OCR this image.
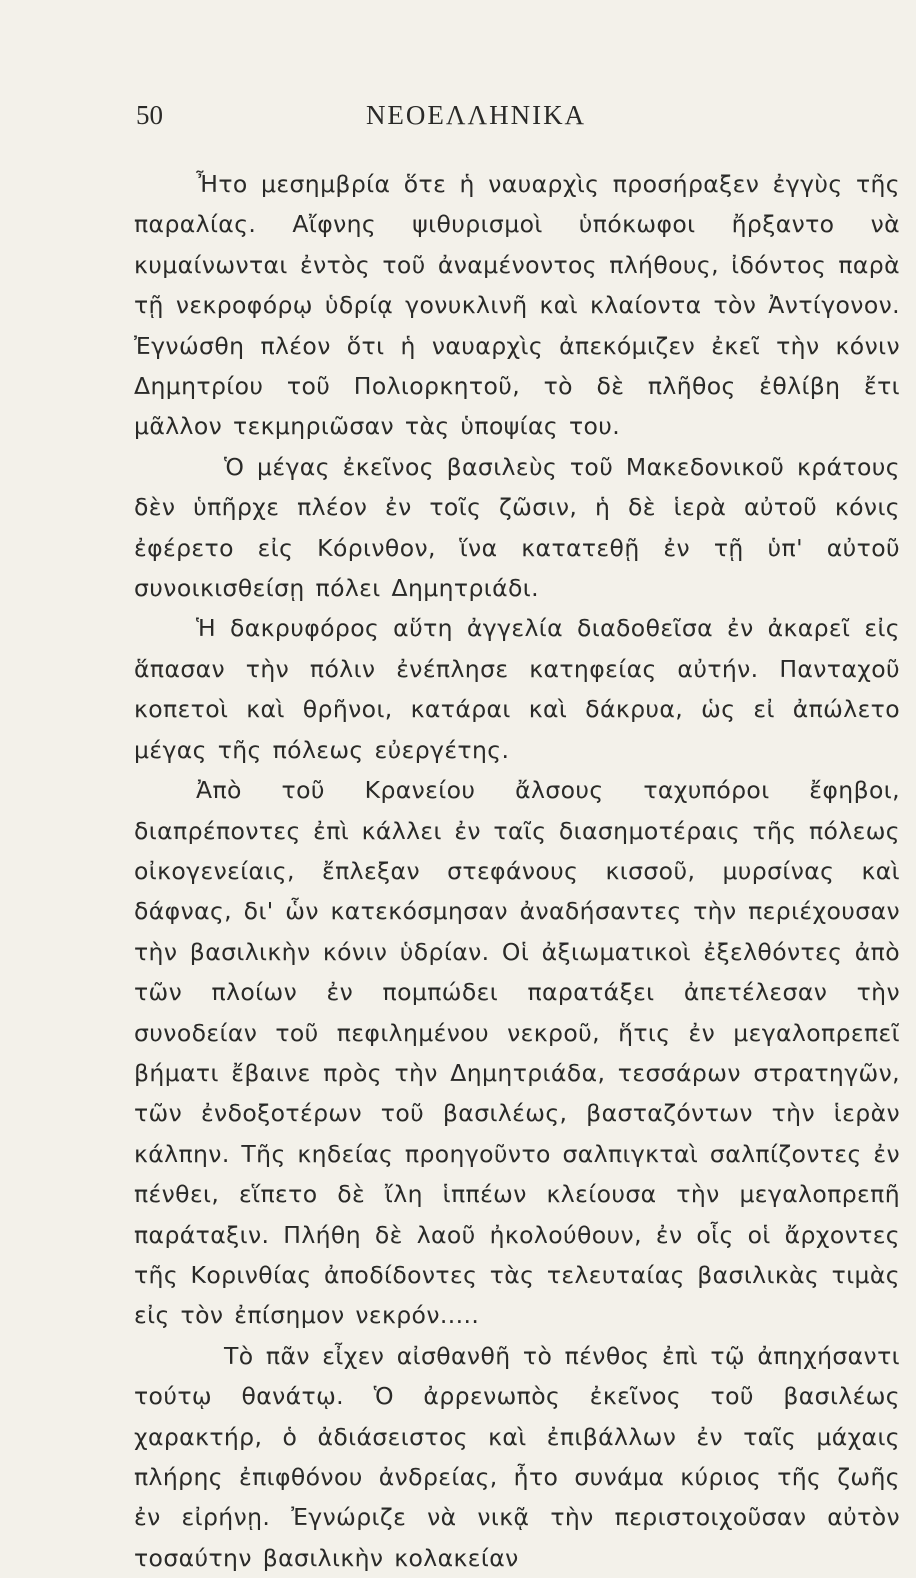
50	ΝΕΟΕΛΛΗΝΙΚΑ

Ἦτο μεσημβρία ὅτε ἡ ναυαρχὶς προσήραξεν ἐγγὺς τῆς παραλίας. Αἴφνης ψιθυρισμοὶ ὑπόκωφοι ἤρξαντο νὰ κυμαίνωνται ἐντὸς τοῦ ἀναμένοντος πλήθους, ἰδόντος παρὰ τῇ νεκροφόρῳ ὑδρίᾳ γονυκλινῆ καὶ κλαίοντα τὸν Ἀντίγονον. Ἐγνώσθη πλέον ὅτι ἡ ναυαρχὶς ἀπεκόμιζεν ἐκεῖ τὴν κόνιν Δημητρίου τοῦ Πολιορκητοῦ, τὸ δὲ πλῆθος ἐθλίβη ἔτι μᾶλλον τεκμηριῶσαν τὰς ὑποψίας του.

Ὁ μέγας ἐκεῖνος βασιλεὺς τοῦ Μακεδονικοῦ κράτους δὲν ὑπῆρχε πλέον ἐν τοῖς ζῶσιν, ἡ δὲ ἱερὰ αὐτοῦ κόνις ἐφέρετο εἰς Κόρινθον, ἵνα κατατεθῇ ἐν τῇ ὑπ' αὐτοῦ συνοικισθείσῃ πόλει Δημητριάδι.

Ἡ δακρυφόρος αὕτη ἀγγελία διαδοθεῖσα ἐν ἀκαρεῖ εἰς ἅπασαν τὴν πόλιν ἐνέπλησε κατηφείας αὐτήν. Πανταχοῦ κοπετοὶ καὶ θρῆνοι, κατάραι καὶ δάκρυα, ὡς εἰ ἀπώλετο μέγας τῆς πόλεως εὐεργέτης.

Ἀπὸ τοῦ Κρανείου ἄλσους ταχυπόροι ἔφηβοι, διαπρέποντες ἐπὶ κάλλει ἐν ταῖς διασημοτέραις τῆς πόλεως οἰκογενείαις, ἔπλεξαν στεφάνους κισσοῦ, μυρσίνας καὶ δάφνας, δι' ὧν κατεκόσμησαν ἀναδήσαντες τὴν περιέχουσαν τὴν βασιλικὴν κόνιν ὑδρίαν. Οἱ ἀξιωματικοὶ ἐξελθόντες ἀπὸ τῶν πλοίων ἐν πομπώδει παρατάξει ἀπετέλεσαν τὴν συνοδείαν τοῦ πεφιλημένου νεκροῦ, ἥτις ἐν μεγαλοπρεπεῖ βήματι ἔβαινε πρὸς τὴν Δημητριάδα, τεσσάρων στρατηγῶν, τῶν ἐνδοξοτέρων τοῦ βασιλέως, βασταζόντων τὴν ἱερὰν κάλπην. Τῆς κηδείας προηγοῦντο σαλπιγκταὶ σαλπίζοντες ἐν πένθει, εἵπετο δὲ ἴλη ἱππέων κλείουσα τὴν μεγαλοπρεπῆ παράταξιν. Πλήθη δὲ λαοῦ ἠκολούθουν, ἐν οἷς οἱ ἄρχοντες τῆς Κορινθίας ἀποδίδοντες τὰς τελευταίας βασιλικὰς τιμὰς εἰς τὸν ἐπίσημον νεκρόν.....

Τὸ πᾶν εἶχεν αἰσθανθῆ τὸ πένθος ἐπὶ τῷ ἀπηχήσαντι τούτῳ θανάτῳ. Ὁ ἀρρενωπὸς ἐκεῖνος τοῦ βασιλέως χαρακτήρ, ὁ ἀδιάσειστος καὶ ἐπιβάλλων ἐν ταῖς μάχαις πλήρης ἐπιφθόνου ἀνδρείας, ἦτο συνάμα κύριος τῆς ζωῆς ἐν εἰρήνῃ. Ἐγνώριζε νὰ νικᾷ τὴν περιστοιχοῦσαν αὐτὸν τοσαύτην βασιλικὴν κολακείαν
